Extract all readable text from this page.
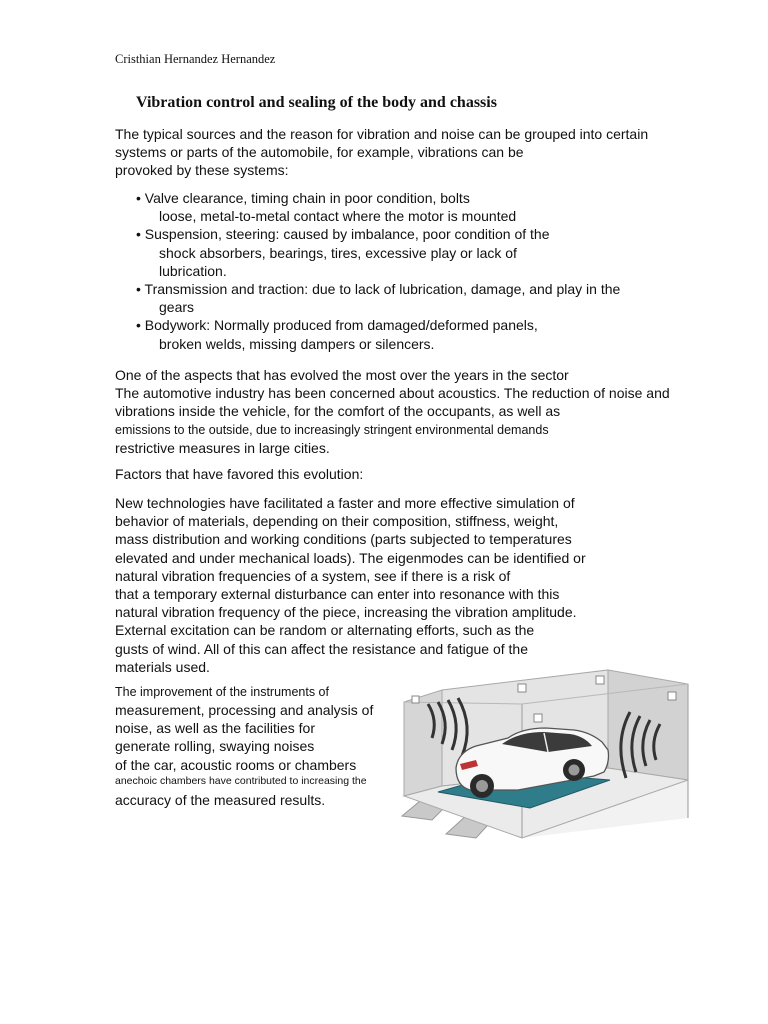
Cristhian Hernandez Hernandez
Vibration control and sealing of the body and chassis
The typical sources and the reason for vibration and noise can be grouped into certain
systems or parts of the automobile, for example, vibrations can be
provoked by these systems:
• Valve clearance, timing chain in poor condition, bolts
loose, metal-to-metal contact where the motor is mounted
• Suspension, steering: caused by imbalance, poor condition of the
shock absorbers, bearings, tires, excessive play or lack of
lubrication.
• Transmission and traction: due to lack of lubrication, damage, and play in the
gears
• Bodywork: Normally produced from damaged/deformed panels,
broken welds, missing dampers or silencers.
One of the aspects that has evolved the most over the years in the sector
The automotive industry has been concerned about acoustics. The reduction of noise and
vibrations inside the vehicle, for the comfort of the occupants, as well as
emissions to the outside, due to increasingly stringent environmental demands
restrictive measures in large cities.
Factors that have favored this evolution:
New technologies have facilitated a faster and more effective simulation of
behavior of materials, depending on their composition, stiffness, weight,
mass distribution and working conditions (parts subjected to temperatures
elevated and under mechanical loads). The eigenmodes can be identified or
natural vibration frequencies of a system, see if there is a risk of
that a temporary external disturbance can enter into resonance with this
natural vibration frequency of the piece, increasing the vibration amplitude.
External excitation can be random or alternating efforts, such as the
gusts of wind. All of this can affect the resistance and fatigue of the
materials used.
The improvement of the instruments of
measurement, processing and analysis of
noise, as well as the facilities for
generate rolling, swaying noises
of the car, acoustic rooms or chambers
anechoic chambers have contributed to increasing the
accuracy of the measured results.
